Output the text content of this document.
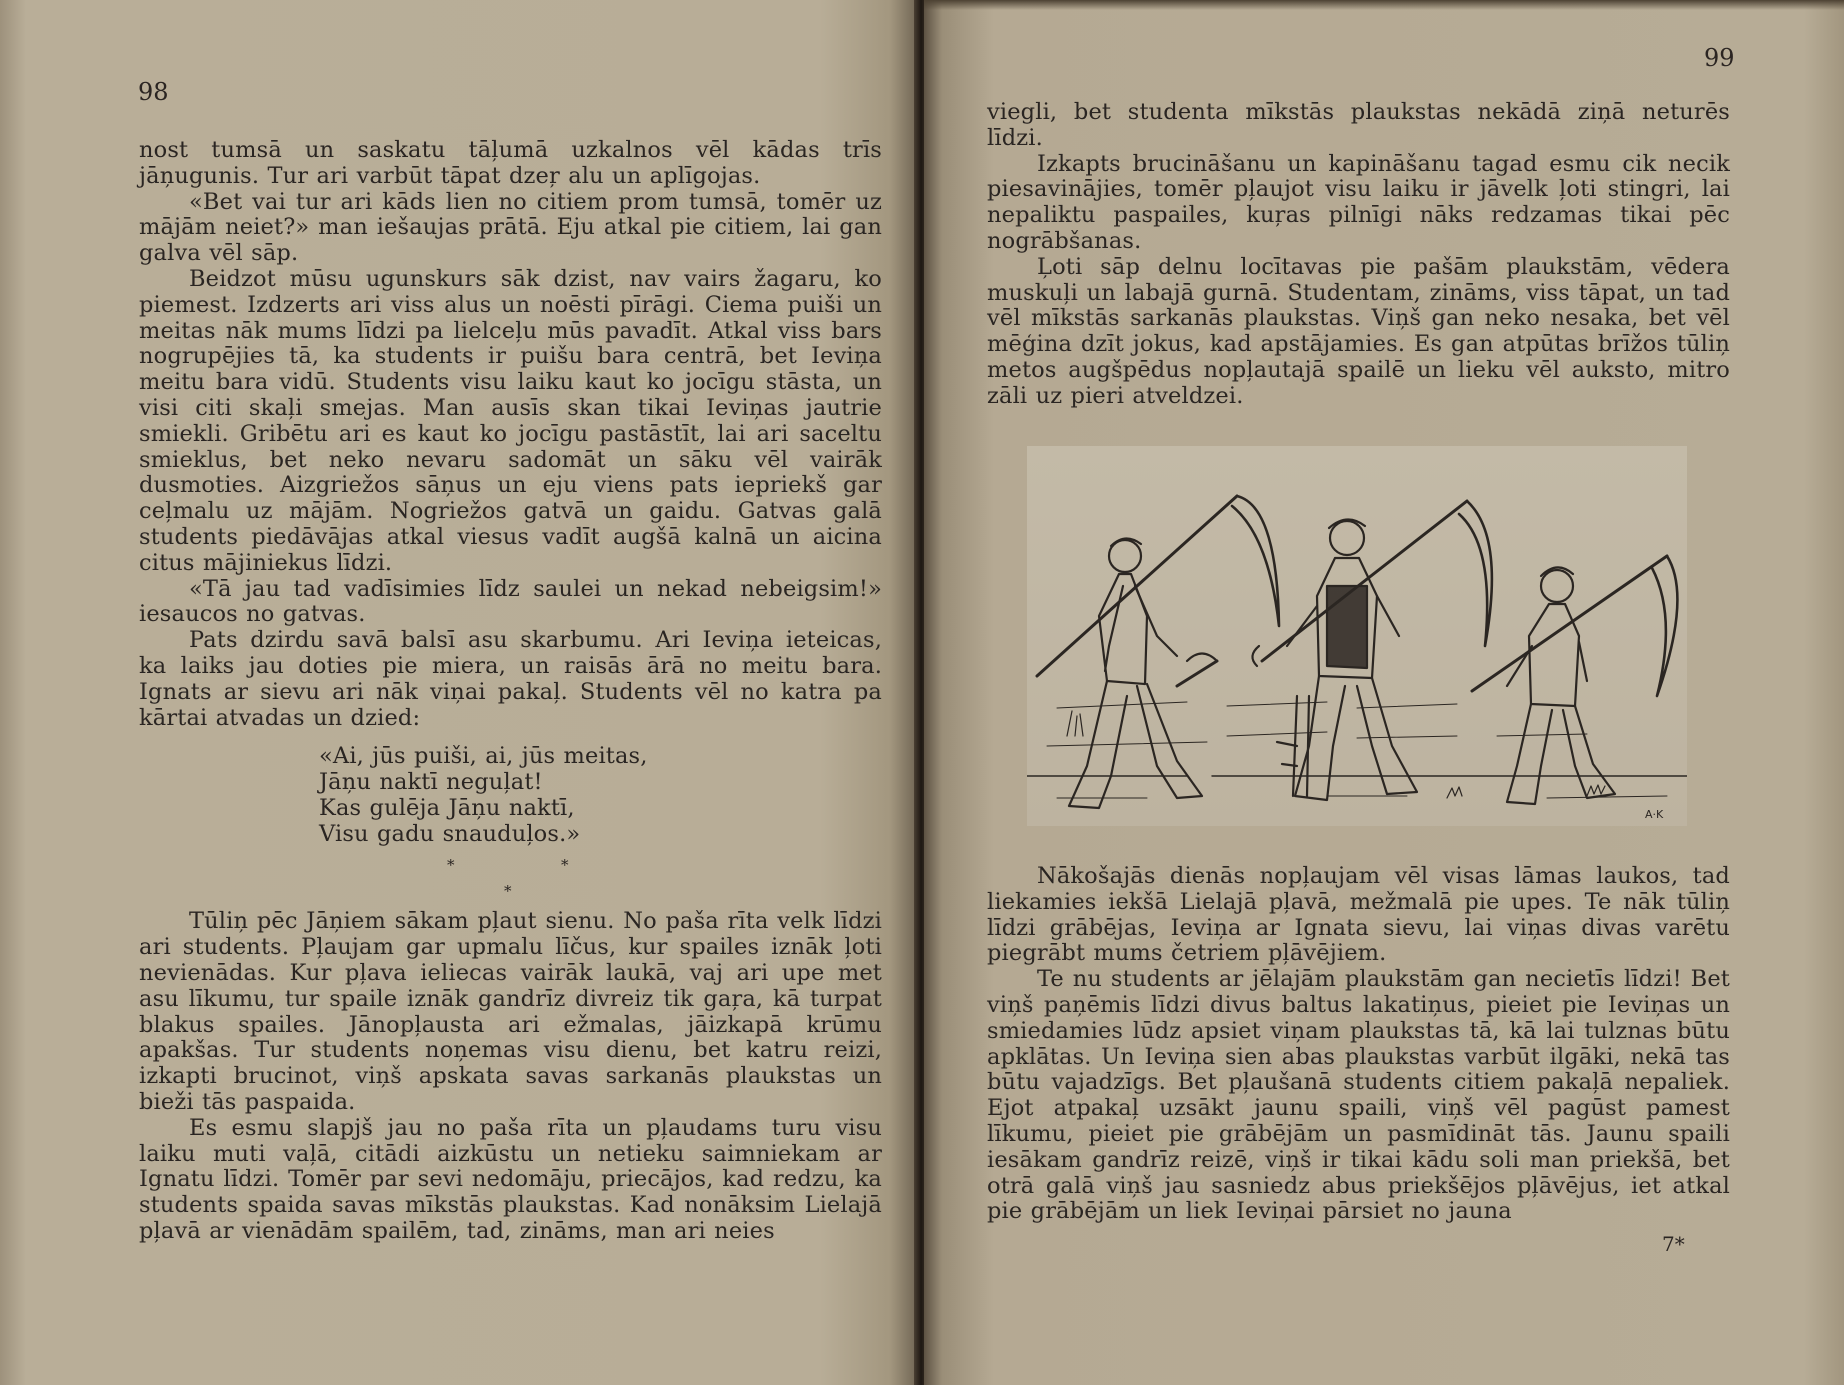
98

nost tumsā un saskatu tāļumā uzkalnos vēl kādas trīs jāņugunis. Tur ari varbūt tāpat dzeŗ alu un aplīgojas.

«Bet vai tur ari kāds lien no citiem prom tumsā, tomēr uz mājām neiet?» man iešaujas prātā. Eju atkal pie citiem, lai gan galva vēl sāp.

Beidzot mūsu ugunskurs sāk dzist, nav vairs žagaru, ko piemest. Izdzerts ari viss alus un noēsti pīrāgi. Ciema puiši un meitas nāk mums līdzi pa lielceļu mūs pavadīt. Atkal viss bars nogrupējies tā, ka students ir puišu bara centrā, bet Ieviņa meitu bara vidū. Students visu laiku kaut ko jocīgu stāsta, un visi citi skaļi smejas. Man ausīs skan tikai Ieviņas jautrie smiekli. Gribētu ari es kaut ko jocīgu pastāstīt, lai ari saceltu smieklus, bet neko nevaru sadomāt un sāku vēl vairāk dusmoties. Aizgriežos sāņus un eju viens pats iepriekš gar ceļmalu uz mājām. Nogriežos gatvā un gaidu. Gatvas galā students piedāvājas atkal viesus vadīt augšā kalnā un aicina citus mājiniekus līdzi.

«Tā jau tad vadīsimies līdz saulei un nekad nebeigsim!» iesaucos no gatvas.

Pats dzirdu savā balsī asu skarbumu. Ari Ieviņa ieteicas, ka laiks jau doties pie miera, un raisās ārā no meitu bara. Ignats ar sievu ari nāk viņai pakaļ. Students vēl no katra pa kārtai atvadas un dzied:

«Ai, jūs puiši, ai, jūs meitas,
Jāņu naktī neguļat!
Kas gulēja Jāņu naktī,
Visu gadu snauduļos.»
*	*
*

Tūliņ pēc Jāņiem sākam pļaut sienu. No paša rīta velk līdzi ari students. Pļaujam gar upmalu līčus, kur spailes iznāk ļoti nevienādas. Kur pļava ieliecas vairāk laukā, vaj ari upe met asu līkumu, tur spaile iznāk gandrīz divreiz tik gaŗa, kā turpat blakus spailes. Jānopļausta ari ežmalas, jāizkapā krūmu apakšas. Tur students noņemas visu dienu, bet katru reizi, izkapti brucinot, viņš apskata savas sarkanās plaukstas un bieži tās paspaida.

Es esmu slapjš jau no paša rīta un pļaudams turu visu laiku muti vaļā, citādi aizkūstu un netieku saimniekam ar Ignatu līdzi. Tomēr par sevi nedomāju, priecājos, kad redzu, ka students spaida savas mīkstās plaukstas. Kad nonāksim Lielajā pļavā ar vienādām spailēm, tad, zināms, man ari neies

99

viegli, bet studenta mīkstās plaukstas nekādā ziņā neturēs līdzi.

Izkapts brucināšanu un kapināšanu tagad esmu cik necik piesavinājies, tomēr pļaujot visu laiku ir jāvelk ļoti stingri, lai nepaliktu paspailes, kuŗas pilnīgi nāks redzamas tikai pēc nogrābšanas.

Ļoti sāp delnu locītavas pie pašām plaukstām, vēdera muskuļi un labajā gurnā. Studentam, zināms, viss tāpat, un tad vēl mīkstās sarkanās plaukstas. Viņš gan neko nesaka, bet vēl mēģina dzīt jokus, kad apstājamies. Es gan atpūtas brīžos tūliņ metos augšpēdus nopļautajā spailē un lieku vēl auksto, mitro zāli uz pieri atveldzei.

Nākošajās dienās nopļaujam vēl visas lāmas laukos, tad liekamies iekšā Lielajā pļavā, mežmalā pie upes. Te nāk tūliņ līdzi grābējas, Ieviņa ar Ignata sievu, lai viņas divas varētu piegrābt mums četriem pļāvējiem.

Te nu students ar jēlajām plaukstām gan necietīs līdzi! Bet viņš paņēmis līdzi divus baltus lakatiņus, pieiet pie Ieviņas un smiedamies lūdz apsiet viņam plaukstas tā, kā lai tulznas būtu apklātas. Un Ieviņa sien abas plaukstas varbūt ilgāki, nekā tas būtu vajadzīgs. Bet pļaušanā students citiem pakaļā nepaliek. Ejot atpakaļ uzsākt jaunu spaili, viņš vēl pagūst pamest līkumu, pieiet pie grābējām un pasmīdināt tās. Jaunu spaili iesākam gandrīz reizē, viņš ir tikai kādu soli man priekšā, bet otrā galā viņš jau sasniedz abus priekšējos pļāvējus, iet atkal pie grābējām un liek Ieviņai pārsiet no jauna

7*
A·K
